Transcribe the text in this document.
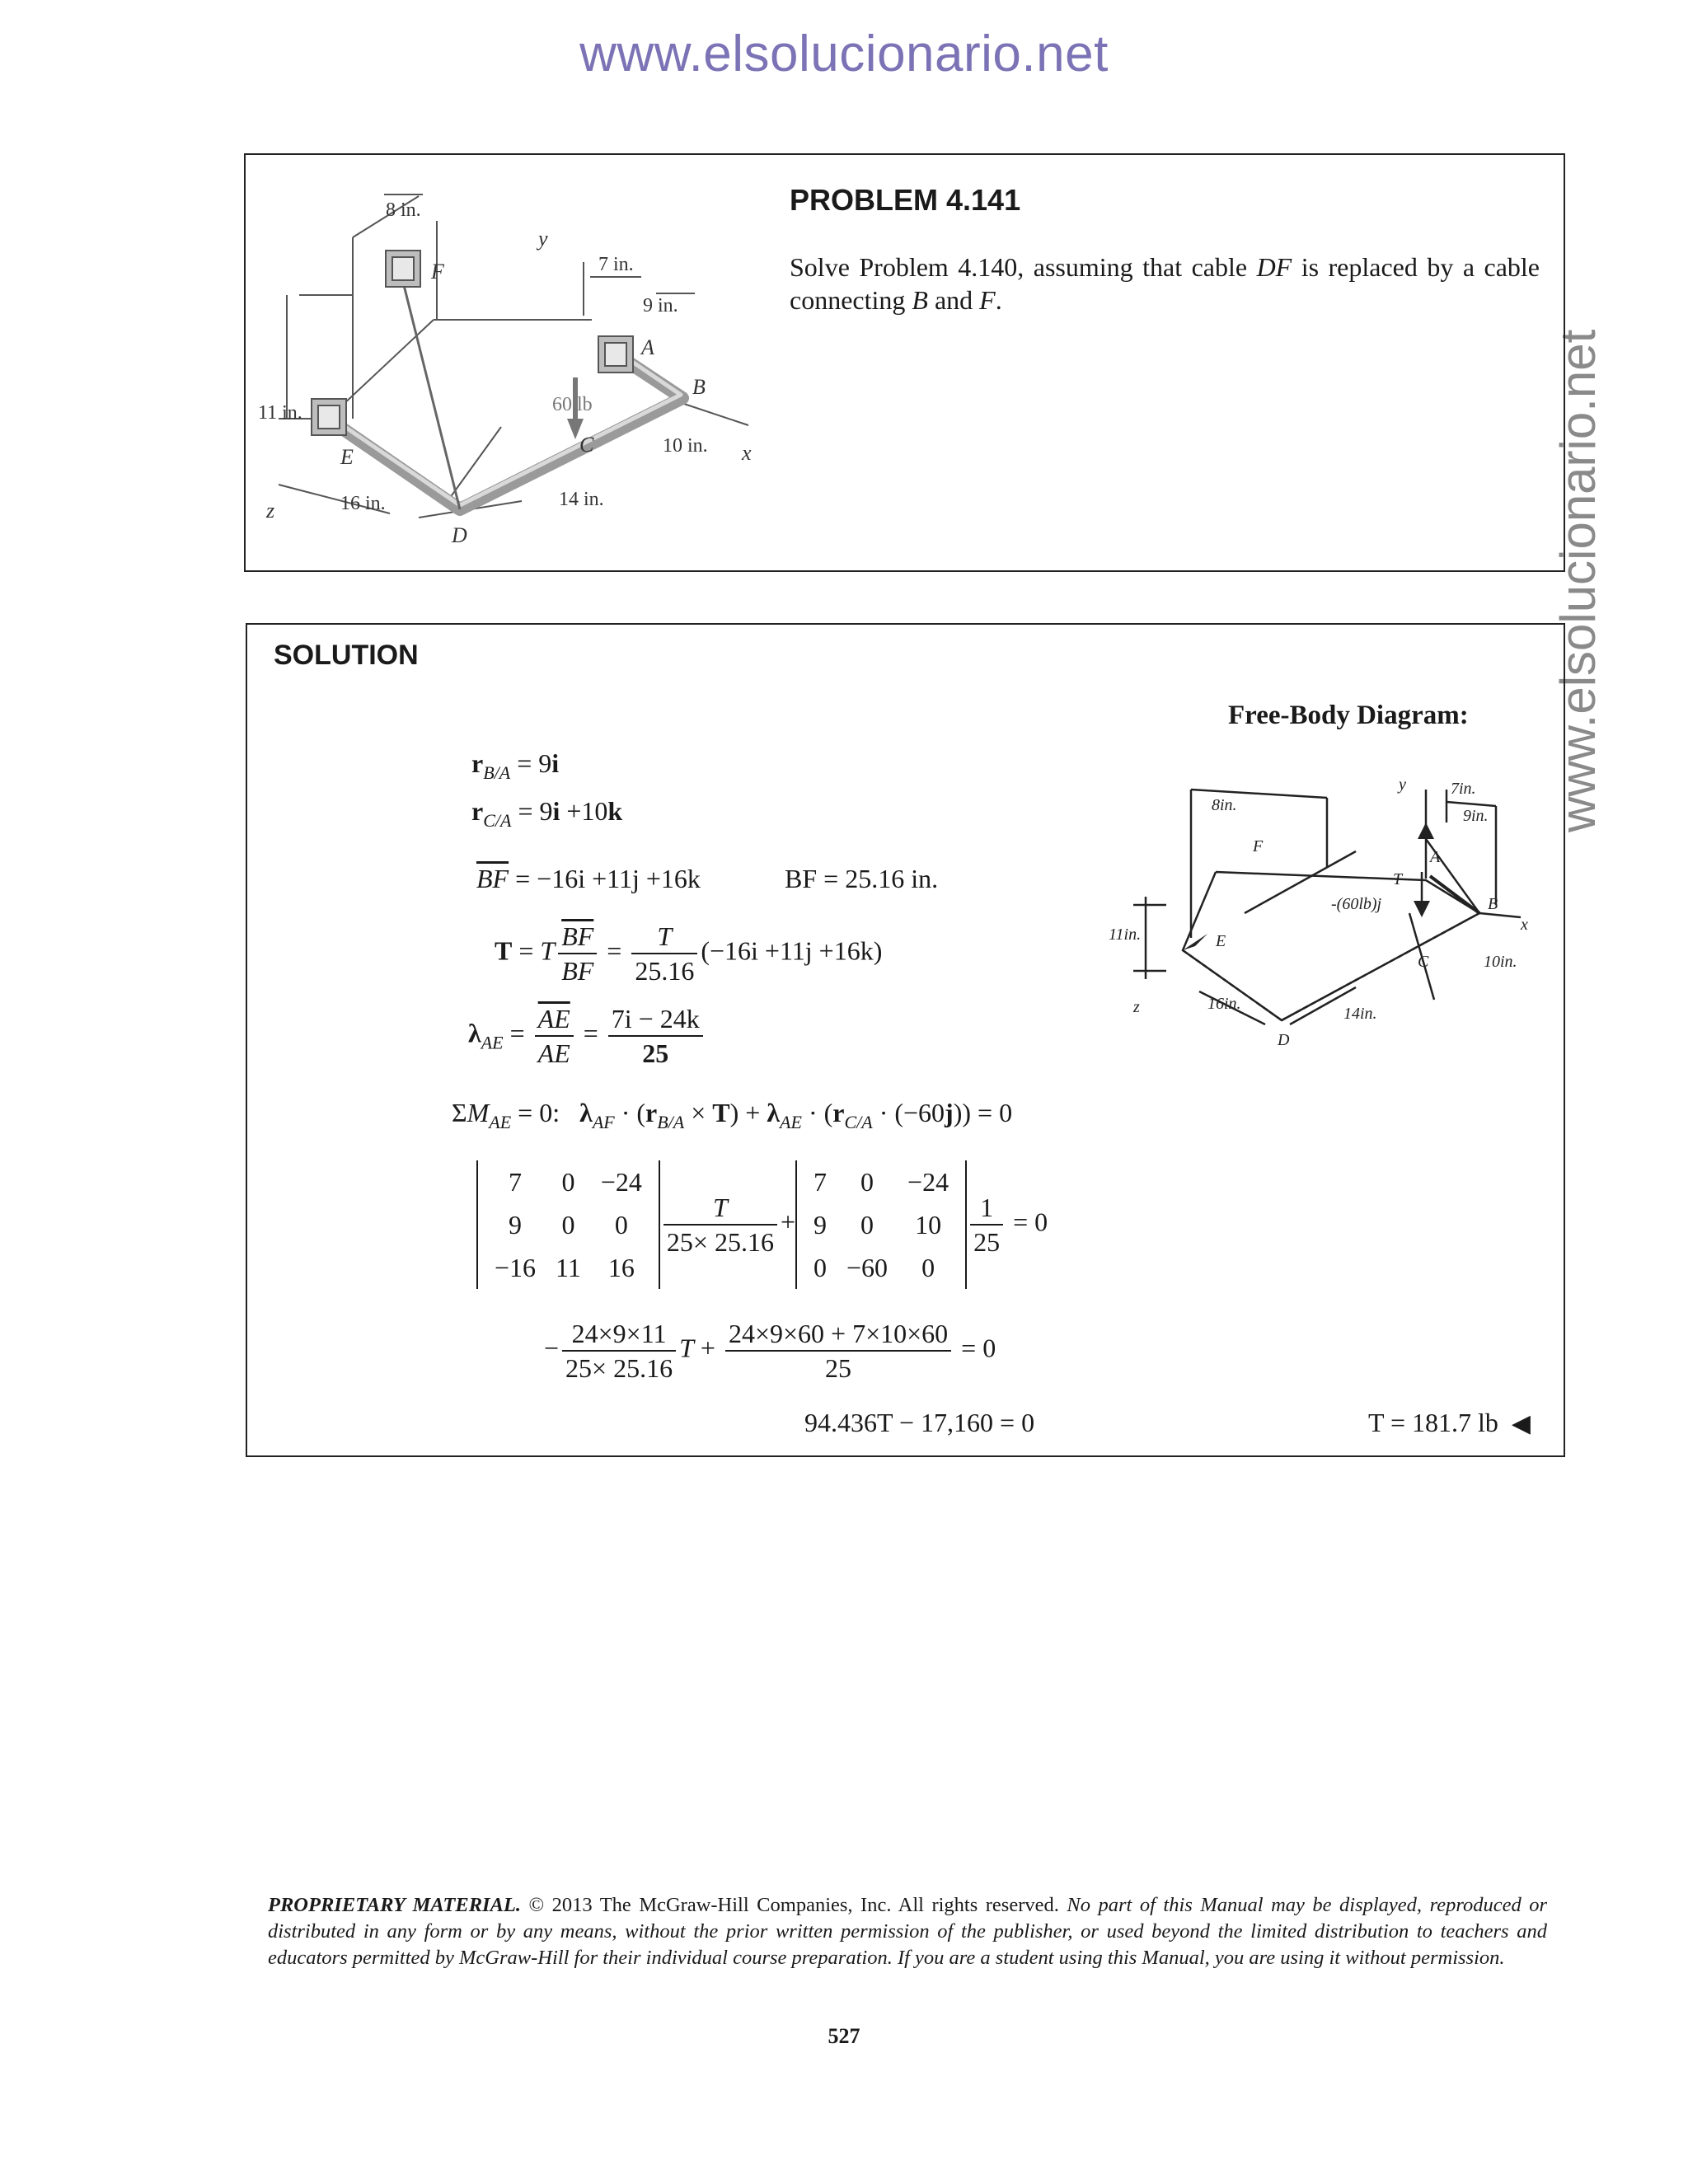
www.elsolucionario.net
www.elsolucionario.net
8 in.
7 in.
9 in.
11 in.
10 in.
16 in.	14 in.
60 lb
F
A
B
C
D
E	x
y
z
PROBLEM 4.141
Solve Problem 4.140, assuming that cable DF is replaced by a cable connecting B and F.
SOLUTION
Free-Body Diagram:
8in.
7in.
9in.
11in.
10in.
16in.
14in.
-(60lb)j
T
A
B
C
D
E
F
x
y
z
$r_{B/A} = 9i$
$r_{C/A} = 9i +10k$
$\overline{BF} = -16i +11j +16k$	BF = 25.16 in.
T = T $\frac{\overline{BF}}{BF} = \frac{T}{25.16} (-16i +11j +16k)$
$\lambda_{AE} = \frac{\overline{AE}}{AE} = \frac{7i - 24k}{25}$
$\Sigma M_{AE} = 0$: $\lambda_{AF} \cdot (r_{B/A} \times T) + \lambda_{AE} \cdot (r_{C/A} \cdot (-60j)) = 0$
7	0	−24
9	0	0
−16	11	16
$\frac{T}{25\times 25.16}$ +
7	0	−24
9	0	10
0	−60	0
$\frac{1}{25} = 0$
− $\frac{24\times 9\times 11}{25\times 25.16}$ $T + \frac{24\times 9\times 60 + 7\times 10\times 60}{25} = 0$
94.436T − 17,160 = 0	T = 181.7 lb ◀
PROPRIETARY MATERIAL. © 2013 The McGraw-Hill Companies, Inc. All rights reserved. No part of this Manual may be displayed, reproduced or distributed in any form or by any means, without the prior written permission of the publisher, or used beyond the limited distribution to teachers and educators permitted by McGraw-Hill for their individual course preparation. If you are a student using this Manual, you are using it without permission.
527
